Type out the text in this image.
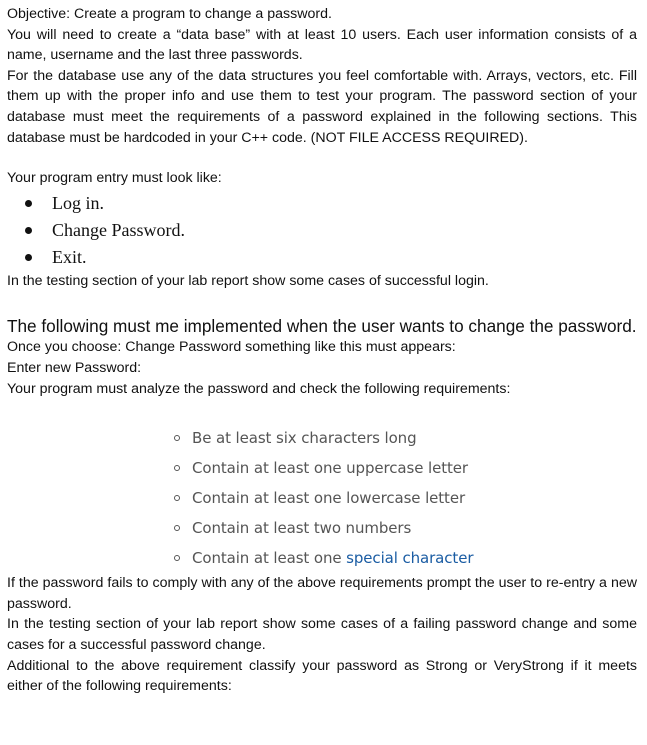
Objective: Create a program to change a password.

You will need to create a “data base” with at least 10 users. Each user information consists of a name, username and the last three passwords.

For the database use any of the data structures you feel comfortable with. Arrays, vectors, etc. Fill them up with the proper info and use them to test your program. The password section of your database must meet the requirements of a password explained in the following sections. This database must be hardcoded in your C++ code. (NOT FILE ACCESS REQUIRED).

Your program entry must look like:

Log in.
Change Password.
Exit.

In the testing section of your lab report show some cases of successful login.

The following must me implemented when the user wants to change the password.

Once you choose: Change Password something like this must appears:

Enter new Password:

Your program must analyze the password and check the following requirements:

Be at least six characters long
Contain at least one uppercase letter
Contain at least one lowercase letter
Contain at least two numbers
Contain at least one special character

If the password fails to comply with any of the above requirements prompt the user to re-entry a new password.

In the testing section of your lab report show some cases of a failing password change and some cases for a successful password change.

Additional to the above requirement classify your password as Strong or VeryStrong if it meets either of the following requirements:
